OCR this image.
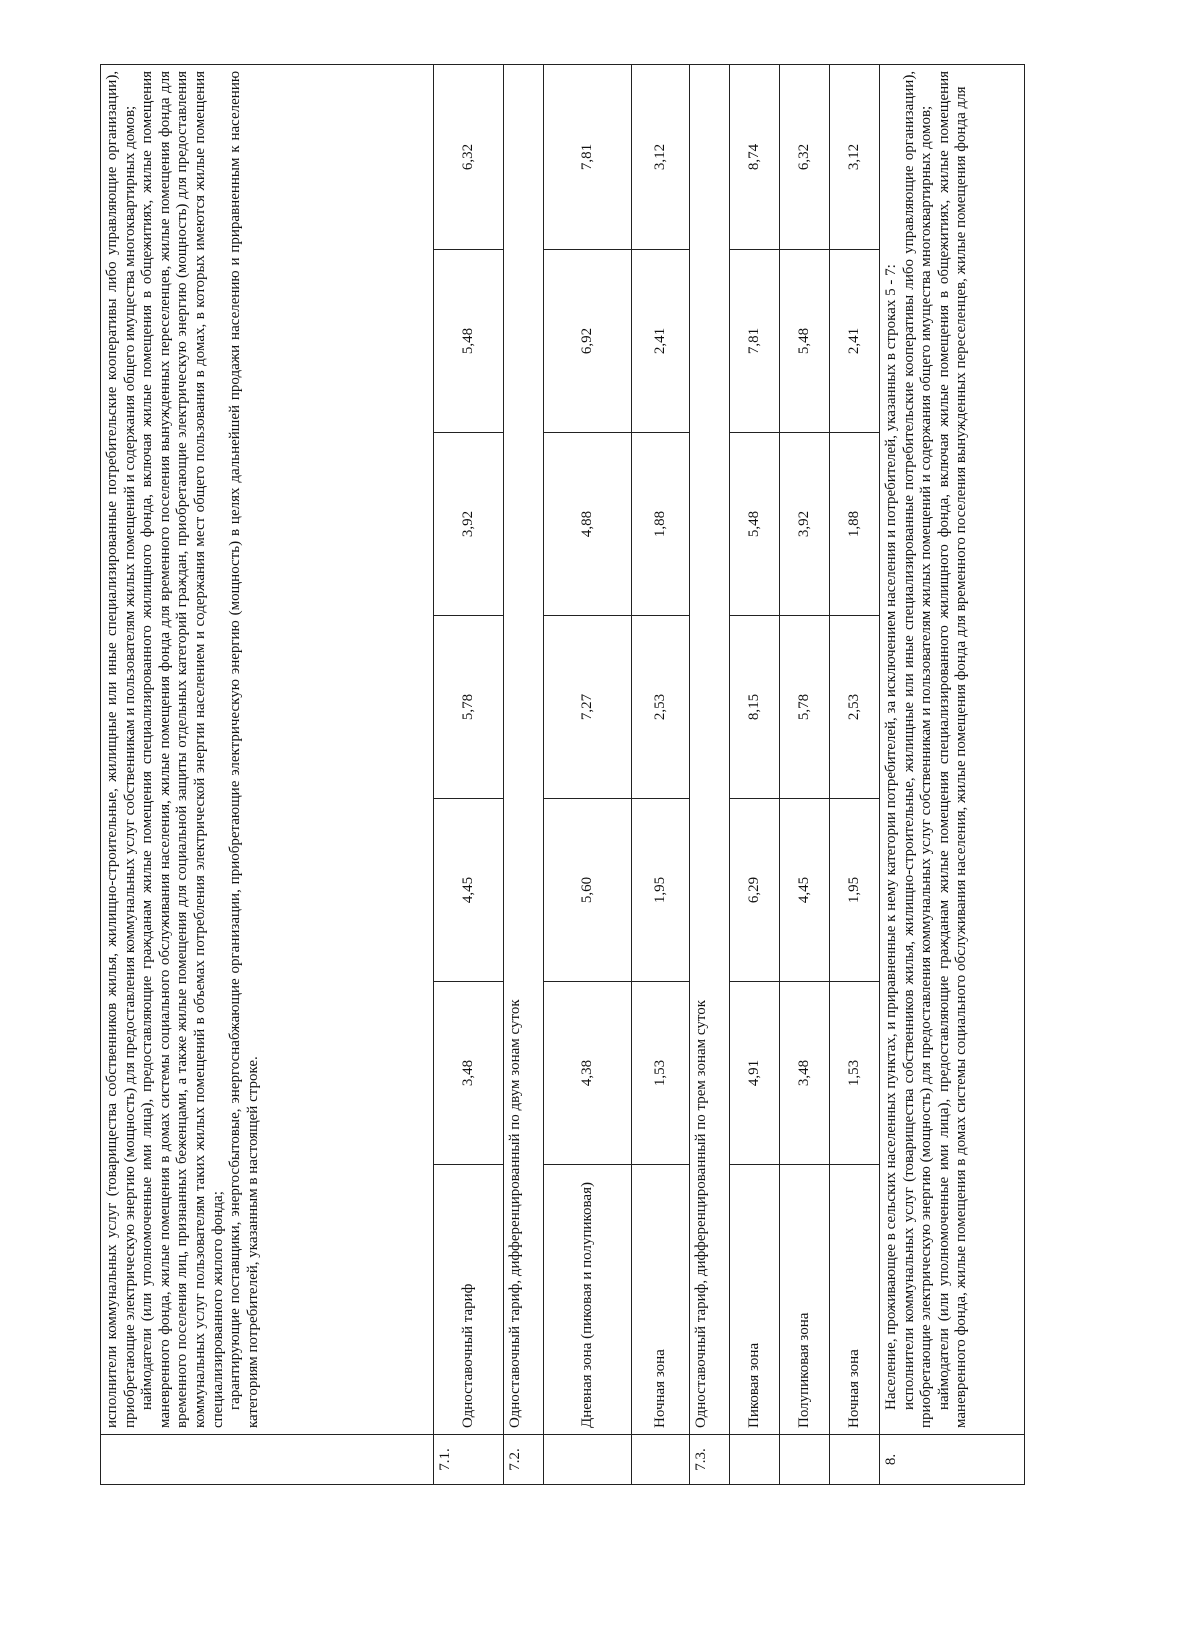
	исполнители коммунальных услуг (товарищества собственников жилья, жилищно-строительные, жилищные или иные специализированные потребительские кооперативы либо управляющие организации), приобретающие электрическую энергию (мощность) для предоставления коммунальных услуг собственникам и пользователям жилых помещений и содержания общего имущества многоквартирных домов; наймодатели (или уполномоченные ими лица), предоставляющие гражданам жилые помещения специализированного жилищного фонда, включая жилые помещения в общежитиях, жилые помещения маневренного фонда, жилые помещения в домах системы социального обслуживания населения, жилые помещения фонда для временного поселения вынужденных переселенцев, жилые помещения фонда для временного поселения лиц, признанных беженцами, а также жилые помещения для социальной защиты отдельных категорий граждан, приобретающие электрическую энергию (мощность) для предоставления коммунальных услуг пользователям таких жилых помещений в объемах потребления электрической энергии населением и содержания мест общего пользования в домах, в которых имеются жилые помещения специализированного жилого фонда; гарантирующие поставщики, энергосбытовые, энергоснабжающие организации, приобретающие электрическую энергию (мощность) в целях дальнейшей продажи населению и приравненным к населению категориям потребителей, указанным в настоящей строке.						

7.1.	Одноставочный тариф	3,48	4,45	5,78	3,92	5,48	6,32
7.2.	Одноставочный тариф, дифференцированный по двум зонам суток						
	Дневная зона (пиковая и полупиковая)	4,38	5,60	7,27	4,88	6,92	7,81
	Ночная зона	1,53	1,95	2,53	1,88	2,41	3,12
7.3.	Одноставочный тариф, дифференцированный по трем зонам суток						
	Пиковая зона	4,91	6,29	8,15	5,48	7,81	8,74
	Полупиковая зона	3,48	4,45	5,78	3,92	5,48	6,32
	Ночная зона	1,53	1,95	2,53	1,88	2,41	3,12
8.	Население, проживающее в сельских населенных пунктах, и приравненные к нему категории потребителей, за исключением населения и потребителей, указанных в строках 5 - 7: исполнители коммунальных услуг (товарищества собственников жилья, жилищно-строительные, жилищные или иные специализированные потребительские кооперативы либо управляющие организации), приобретающие электрическую энергию (мощность) для предоставления коммунальных услуг собственникам и пользователям жилых помещений и содержания общего имущества многоквартирных домов; наймодатели (или уполномоченные ими лица), предоставляющие гражданам жилые помещения специализированного жилищного фонда, включая жилые помещения в общежитиях, жилые помещения маневренного фонда, жилые помещения в домах системы социального обслуживания населения, жилые помещения фонда для временного поселения вынужденных переселенцев, жилые помещения фонда для						
